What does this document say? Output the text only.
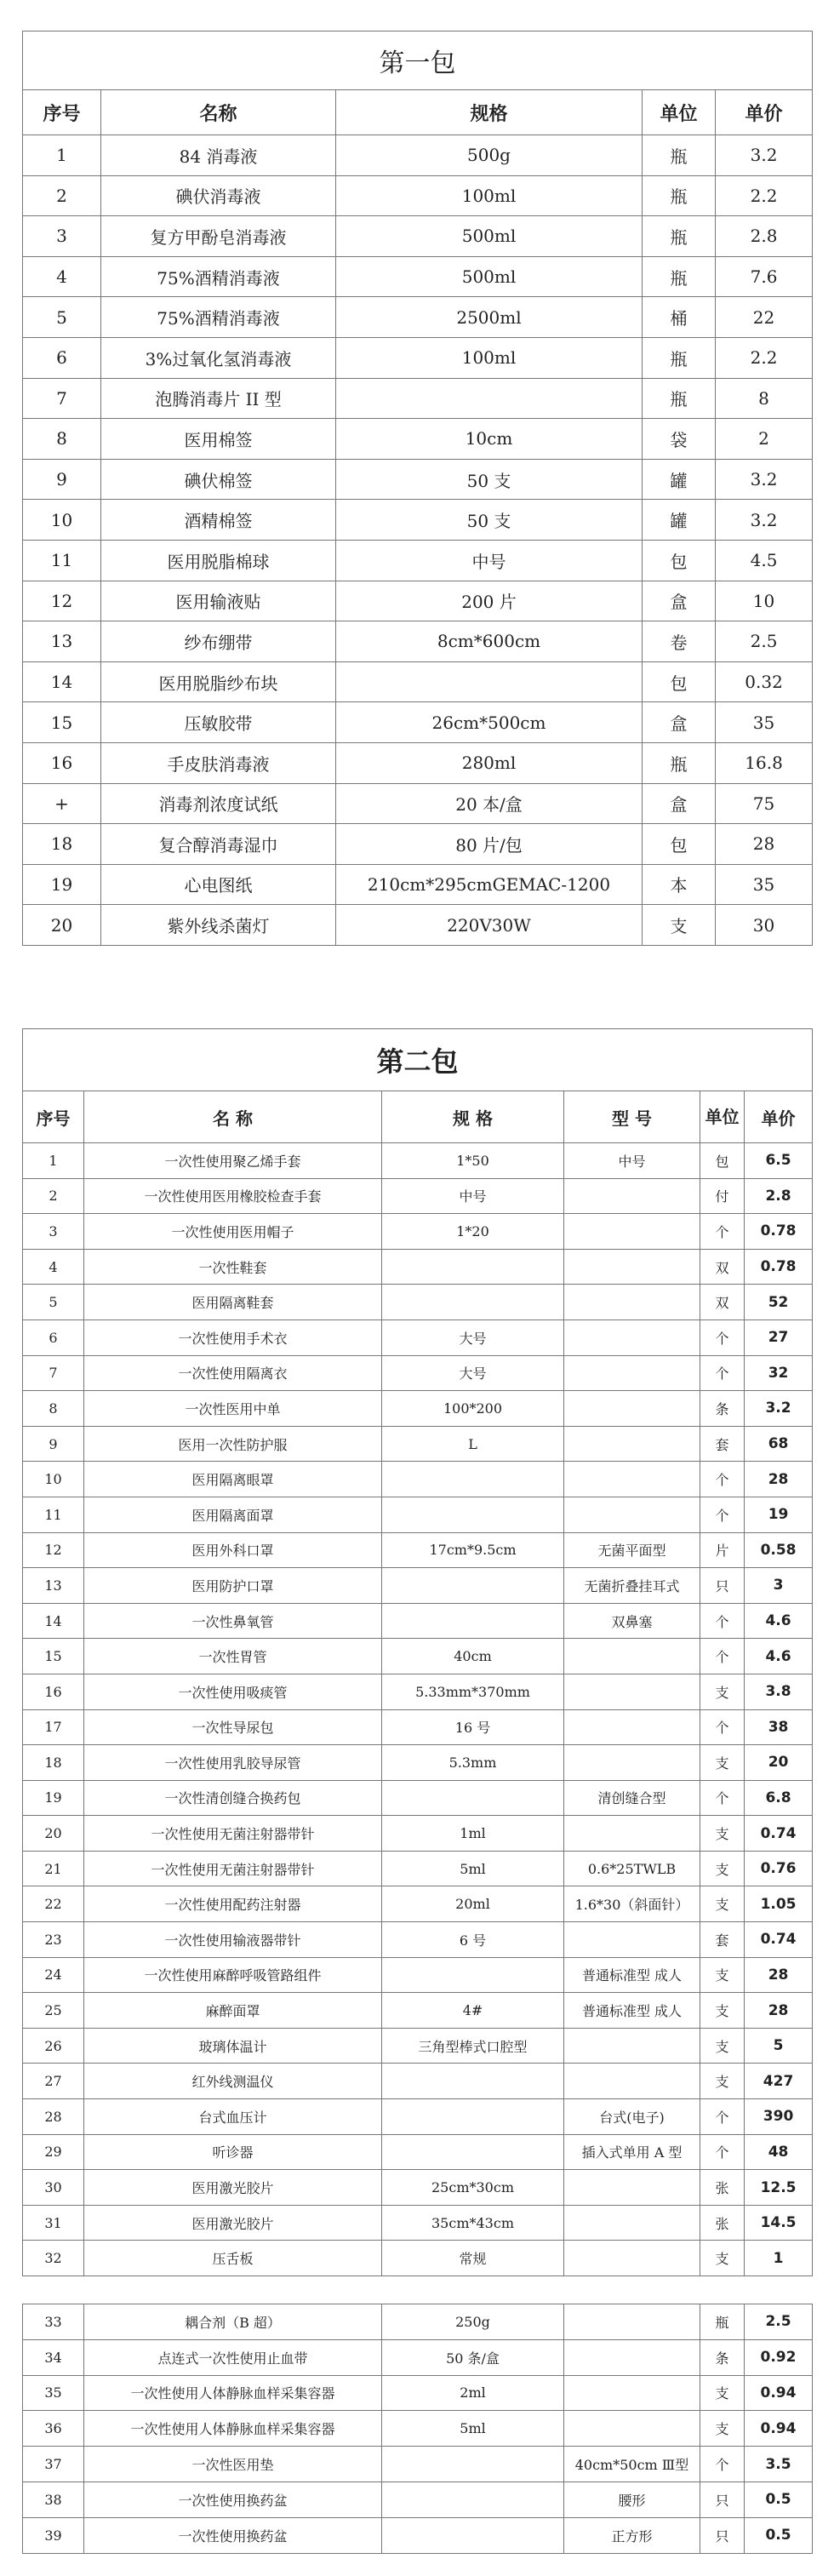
第一包				
序号	名称	规格	单位	单价
1	84 消毒液	500g	瓶	3.2
2	碘伏消毒液	100ml	瓶	2.2
3	复方甲酚皂消毒液	500ml	瓶	2.8
4	75%酒精消毒液	500ml	瓶	7.6
5	75%酒精消毒液	2500ml	桶	22
6	3%过氧化氢消毒液	100ml	瓶	2.2
7	泡腾消毒片 II 型		瓶	8
8	医用棉签	10cm	袋	2
9	碘伏棉签	50 支	罐	3.2
10	酒精棉签	50 支	罐	3.2
11	医用脱脂棉球	中号	包	4.5
12	医用输液贴	200 片	盒	10
13	纱布绷带	8cm*600cm	卷	2.5
14	医用脱脂纱布块		包	0.32
15	压敏胶带	26cm*500cm	盒	35
16	手皮肤消毒液	280ml	瓶	16.8
+	消毒剂浓度试纸	20 本/盒	盒	75
18	复合醇消毒湿巾	80 片/包	包	28
19	心电图纸	210cm*295cmGEMAC-1200	本	35
20	紫外线杀菌灯	220V30W	支	30
第二包					
序号	名 称	规 格	型 号	单位	单价
1	一次性使用聚乙烯手套	1*50	中号	包	6.5
2	一次性使用医用橡胶检查手套	中号		付	2.8
3	一次性使用医用帽子	1*20		个	0.78
4	一次性鞋套			双	0.78
5	医用隔离鞋套			双	52
6	一次性使用手术衣	大号		个	27
7	一次性使用隔离衣	大号		个	32
8	一次性医用中单	100*200		条	3.2
9	医用一次性防护服	L		套	68
10	医用隔离眼罩			个	28
11	医用隔离面罩			个	19
12	医用外科口罩	17cm*9.5cm	无菌平面型	片	0.58
13	医用防护口罩		无菌折叠挂耳式	只	3
14	一次性鼻氧管		双鼻塞	个	4.6
15	一次性胃管	40cm		个	4.6
16	一次性使用吸痰管	5.33mm*370mm		支	3.8
17	一次性导尿包	16 号		个	38
18	一次性使用乳胶导尿管	5.3mm		支	20
19	一次性清创缝合换药包		清创缝合型	个	6.8
20	一次性使用无菌注射器带针	1ml		支	0.74
21	一次性使用无菌注射器带针	5ml	0.6*25TWLB	支	0.76
22	一次性使用配药注射器	20ml	1.6*30（斜面针）	支	1.05
23	一次性使用输液器带针	6 号		套	0.74
24	一次性使用麻醉呼吸管路组件		普通标准型 成人	支	28
25	麻醉面罩	4#	普通标准型 成人	支	28
26	玻璃体温计	三角型棒式口腔型		支	5
27	红外线测温仪			支	427
28	台式血压计		台式(电子)	个	390
29	听诊器		插入式单用 A 型	个	48
30	医用激光胶片	25cm*30cm		张	12.5
31	医用激光胶片	35cm*43cm		张	14.5
32	压舌板	常规		支	1
33	耦合剂（B 超）	250g		瓶	2.5
34	点连式一次性使用止血带	50 条/盒		条	0.92
35	一次性使用人体静脉血样采集容器	2ml		支	0.94
36	一次性使用人体静脉血样采集容器	5ml		支	0.94
37	一次性医用垫		40cm*50cm Ⅲ型	个	3.5
38	一次性使用换药盆		腰形	只	0.5
39	一次性使用换药盆		正方形	只	0.5
